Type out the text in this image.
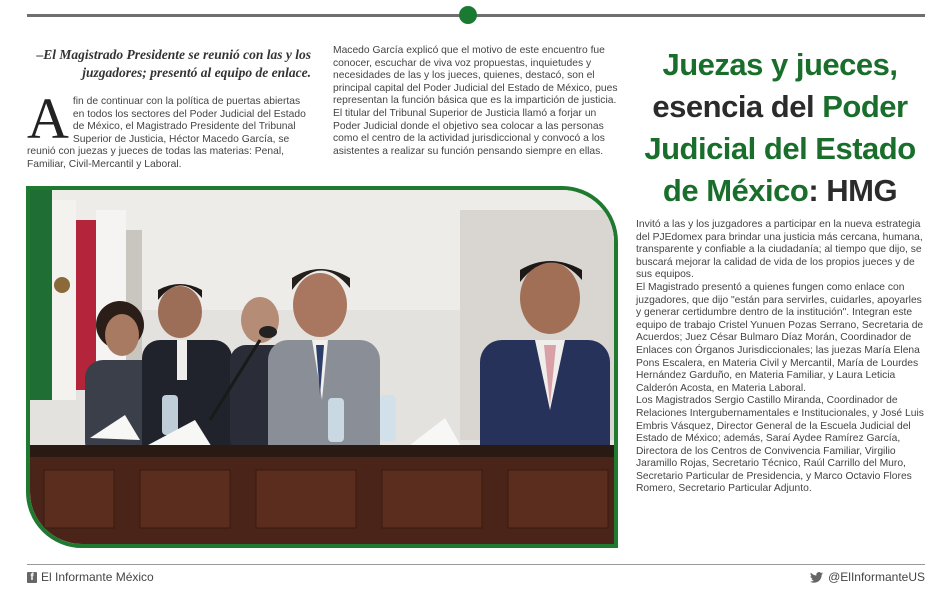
–El Magistrado Presidente se reunió con las y los juzgadores; presentó al equipo de enlace.

Afin de continuar con la política de puertas abiertas en todos los sectores del Poder Judicial del Estado de México, el Magistrado Presidente del Tribunal Superior de Justicia, Héctor Macedo García, se reunió con juezas y jueces de todas las materias: Penal, Familiar, Civil-Mercantil y Laboral.

Macedo García explicó que el motivo de este encuentro fue conocer, escuchar de viva voz propuestas, inquietudes y necesidades de las y los jueces, quienes, destacó, son el principal capital del Poder Judicial del Estado de México, pues representan la función básica que es la impartición de justicia.

El titular del Tribunal Superior de Justicia llamó a forjar un Poder Judicial donde el objetivo sea colocar a las personas como el centro de la actividad jurisdiccional y convocó a los asistentes a realizar su función pensando siempre en ellas.

Juezas y jueces,
esencia del Poder
Judicial del Estado
de México: HMG

Invitó a las y los juzgadores a participar en la nueva estrategia del PJEdomex para brindar una justicia más cercana, humana, transparente y confiable a la ciudadanía; al tiempo que dijo, se buscará mejorar la calidad de vida de los propios jueces y de sus equipos.

El Magistrado presentó a quienes fungen como enlace con juzgadores, que dijo "están para servirles, cuidarles, apoyarles y generar certidumbre dentro de la institución". Integran este equipo de trabajo Cristel Yunuen Pozas Serrano, Secretaria de Acuerdos; Juez César Bulmaro Díaz Morán, Coordinador de Enlaces con Órganos Jurisdiccionales; las juezas María Elena Pons Escalera, en Materia Civil y Mercantil, María de Lourdes Hernández Garduño, en Materia Familiar, y Laura Leticia Calderón Acosta, en Materia Laboral.

Los Magistrados Sergio Castillo Miranda, Coordinador de Relaciones Intergubernamentales e Institucionales, y José Luis Embris Vásquez, Director General de la Escuela Judicial del Estado de México; además, Saraí Aydee Ramírez García, Directora de los Centros de Convivencia Familiar, Virgilio Jaramillo Rojas, Secretario Técnico, Raúl Carrillo del Muro, Secretario Particular de Presidencia, y Marco Octavio Flores Romero, Secretario Particular Adjunto.

f El Informante México	@ElInformanteUS
